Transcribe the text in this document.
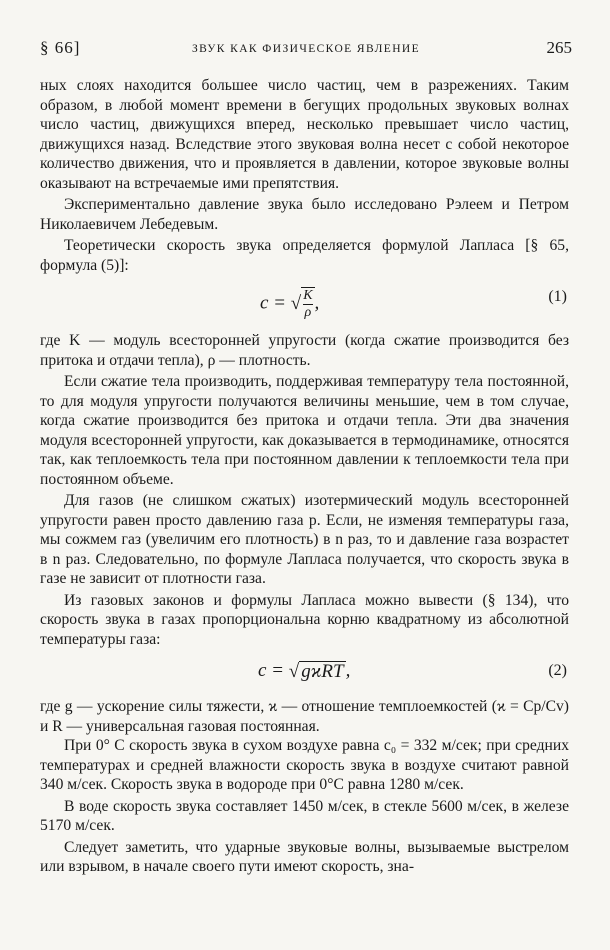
§ 66]	ЗВУК КАК ФИЗИЧЕСКОЕ ЯВЛЕНИЕ	265

ных слоях находится большее число частиц, чем в разрежениях. Таким образом, в любой момент времени в бегущих продольных звуковых волнах число частиц, движущихся вперед, несколько превышает число частиц, движущихся назад. Вследствие этого звуковая волна несет с собой некоторое количество движения, что и проявляется в давлении, которое звуковые волны оказывают на встречаемые ими препятствия.

Экспериментально давление звука было исследовано Рэлеем и Петром Николаевичем Лебедевым.

Теоретически скорость звука определяется формулой Лапласа [§ 65, формула (5)]:

c = √ $\frac{K}{\rho}$ ,	(1)

где K — модуль всесторонней упругости (когда сжатие производится без притока и отдачи тепла), ρ — плотность.

Если сжатие тела производить, поддерживая температуру тела постоянной, то для модуля упругости получаются величины меньшие, чем в том случае, когда сжатие производится без притока и отдачи тепла. Эти два значения модуля всесторонней упругости, как доказывается в термодинамике, относятся так, как теплоемкость тела при постоянном давлении к теплоемкости тела при постоянном объеме.

Для газов (не слишком сжатых) изотермический модуль всесторонней упругости равен просто давлению газа p. Если, не изменяя температуры газа, мы сожмем газ (увеличим его плотность) в n раз, то и давление газа возрастет в n раз. Следовательно, по формуле Лапласа получается, что скорость звука в газе не зависит от плотности газа.

Из газовых законов и формулы Лапласа можно вывести (§ 134), что скорость звука в газах пропорциональна корню квадратному из абсолютной температуры газа:

c = √ gϰRT ,	(2)

где g — ускорение силы тяжести, ϰ — отношение темплоемкостей (ϰ = Cp/Cv) и R — универсальная газовая постоянная.

При 0° С скорость звука в сухом воздухе равна c₀ = 332 м/сек; при средних температурах и средней влажности скорость звука в воздухе считают равной 340 м/сек. Скорость звука в водороде при 0°С равна 1280 м/сек.

В воде скорость звука составляет 1450 м/сек, в стекле 5600 м/сек, в железе 5170 м/сек.

Следует заметить, что ударные звуковые волны, вызываемые выстрелом или взрывом, в начале своего пути имеют скорость, зна-
